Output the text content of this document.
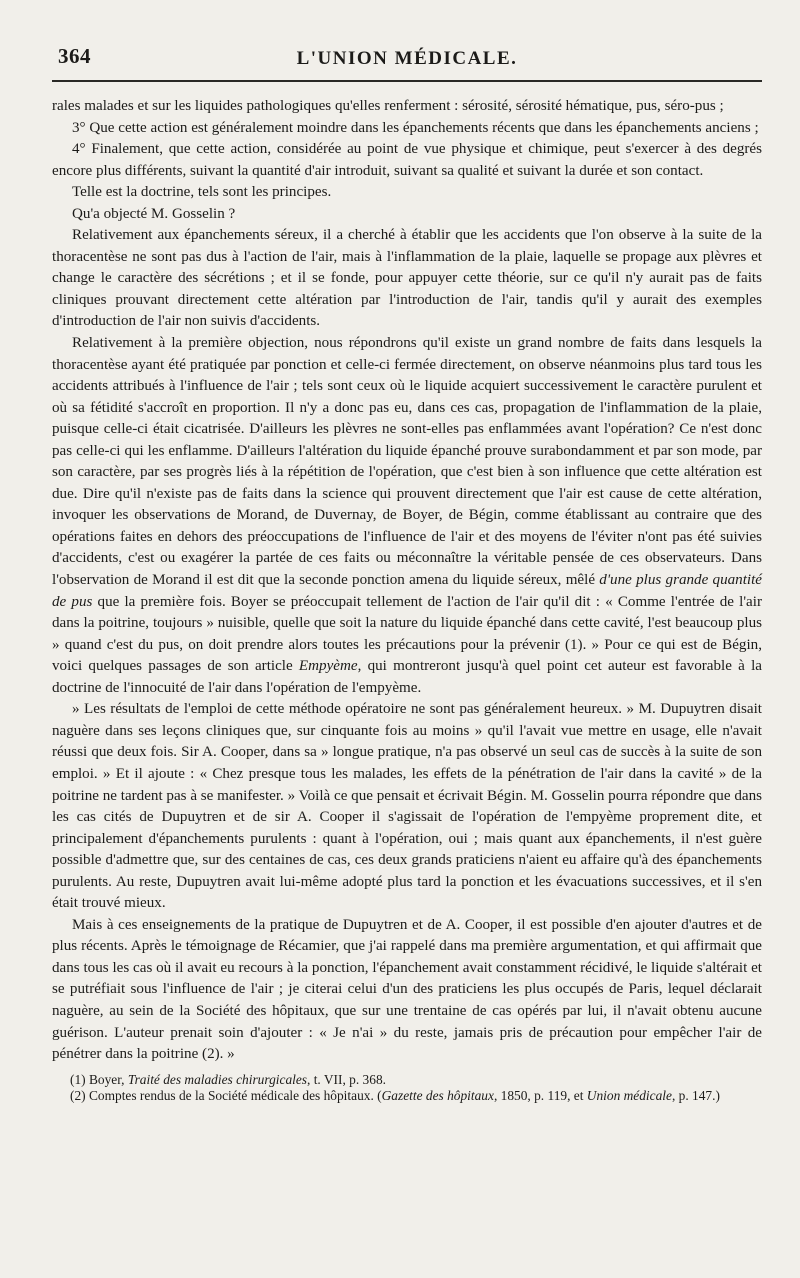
364	L'UNION MÉDICALE.

rales malades et sur les liquides pathologiques qu'elles renferment : sérosité, sérosité hématique, pus, séro-pus ;

3° Que cette action est généralement moindre dans les épanchements récents que dans les épanchements anciens ;

4° Finalement, que cette action, considérée au point de vue physique et chimique, peut s'exercer à des degrés encore plus différents, suivant la quantité d'air introduit, suivant sa qualité et suivant la durée et son contact.

Telle est la doctrine, tels sont les principes.

Qu'a objecté M. Gosselin ?

Relativement aux épanchements séreux, il a cherché à établir que les accidents que l'on observe à la suite de la thoracentèse ne sont pas dus à l'action de l'air, mais à l'inflammation de la plaie, laquelle se propage aux plèvres et change le caractère des sécrétions ; et il se fonde, pour appuyer cette théorie, sur ce qu'il n'y aurait pas de faits cliniques prouvant directement cette altération par l'introduction de l'air, tandis qu'il y aurait des exemples d'introduction de l'air non suivis d'accidents.

Relativement à la première objection, nous répondrons qu'il existe un grand nombre de faits dans lesquels la thoracentèse ayant été pratiquée par ponction et celle-ci fermée directement, on observe néanmoins plus tard tous les accidents attribués à l'influence de l'air ; tels sont ceux où le liquide acquiert successivement le caractère purulent et où sa fétidité s'accroît en proportion. Il n'y a donc pas eu, dans ces cas, propagation de l'inflammation de la plaie, puisque celle-ci était cicatrisée. D'ailleurs les plèvres ne sont-elles pas enflammées avant l'opération? Ce n'est donc pas celle-ci qui les enflamme. D'ailleurs l'altération du liquide épanché prouve surabondamment et par son mode, par son caractère, par ses progrès liés à la répétition de l'opération, que c'est bien à son influence que cette altération est due. Dire qu'il n'existe pas de faits dans la science qui prouvent directement que l'air est cause de cette altération, invoquer les observations de Morand, de Duvernay, de Boyer, de Bégin, comme établissant au contraire que des opérations faites en dehors des préoccupations de l'influence de l'air et des moyens de l'éviter n'ont pas été suivies d'accidents, c'est ou exagérer la partée de ces faits ou méconnaître la véritable pensée de ces observateurs. Dans l'observation de Morand il est dit que la seconde ponction amena du liquide séreux, mêlé d'une plus grande quantité de pus que la première fois. Boyer se préoccupait tellement de l'action de l'air qu'il dit : « Comme l'entrée de l'air dans la poitrine, toujours » nuisible, quelle que soit la nature du liquide épanché dans cette cavité, l'est beaucoup plus » quand c'est du pus, on doit prendre alors toutes les précautions pour la prévenir (1). » Pour ce qui est de Bégin, voici quelques passages de son article Empyème, qui montreront jusqu'à quel point cet auteur est favorable à la doctrine de l'innocuité de l'air dans l'opération de l'empyème.

» Les résultats de l'emploi de cette méthode opératoire ne sont pas généralement heureux. » M. Dupuytren disait naguère dans ses leçons cliniques que, sur cinquante fois au moins » qu'il l'avait vue mettre en usage, elle n'avait réussi que deux fois. Sir A. Cooper, dans sa » longue pratique, n'a pas observé un seul cas de succès à la suite de son emploi. » Et il ajoute : « Chez presque tous les malades, les effets de la pénétration de l'air dans la cavité » de la poitrine ne tardent pas à se manifester. » Voilà ce que pensait et écrivait Bégin. M. Gosselin pourra répondre que dans les cas cités de Dupuytren et de sir A. Cooper il s'agissait de l'opération de l'empyème proprement dite, et principalement d'épanchements purulents : quant à l'opération, oui ; mais quant aux épanchements, il n'est guère possible d'admettre que, sur des centaines de cas, ces deux grands praticiens n'aient eu affaire qu'à des épanchements purulents. Au reste, Dupuytren avait lui-même adopté plus tard la ponction et les évacuations successives, et il s'en était trouvé mieux.

Mais à ces enseignements de la pratique de Dupuytren et de A. Cooper, il est possible d'en ajouter d'autres et de plus récents. Après le témoignage de Récamier, que j'ai rappelé dans ma première argumentation, et qui affirmait que dans tous les cas où il avait eu recours à la ponction, l'épanchement avait constamment récidivé, le liquide s'altérait et se putréfiait sous l'influence de l'air ; je citerai celui d'un des praticiens les plus occupés de Paris, lequel déclarait naguère, au sein de la Société des hôpitaux, que sur une trentaine de cas opérés par lui, il n'avait obtenu aucune guérison. L'auteur prenait soin d'ajouter : « Je n'ai » du reste, jamais pris de précaution pour empêcher l'air de pénétrer dans la poitrine (2). »

(1) Boyer, Traité des maladies chirurgicales, t. VII, p. 368.

(2) Comptes rendus de la Société médicale des hôpitaux. (Gazette des hôpitaux, 1850, p. 119, et Union médicale, p. 147.)
